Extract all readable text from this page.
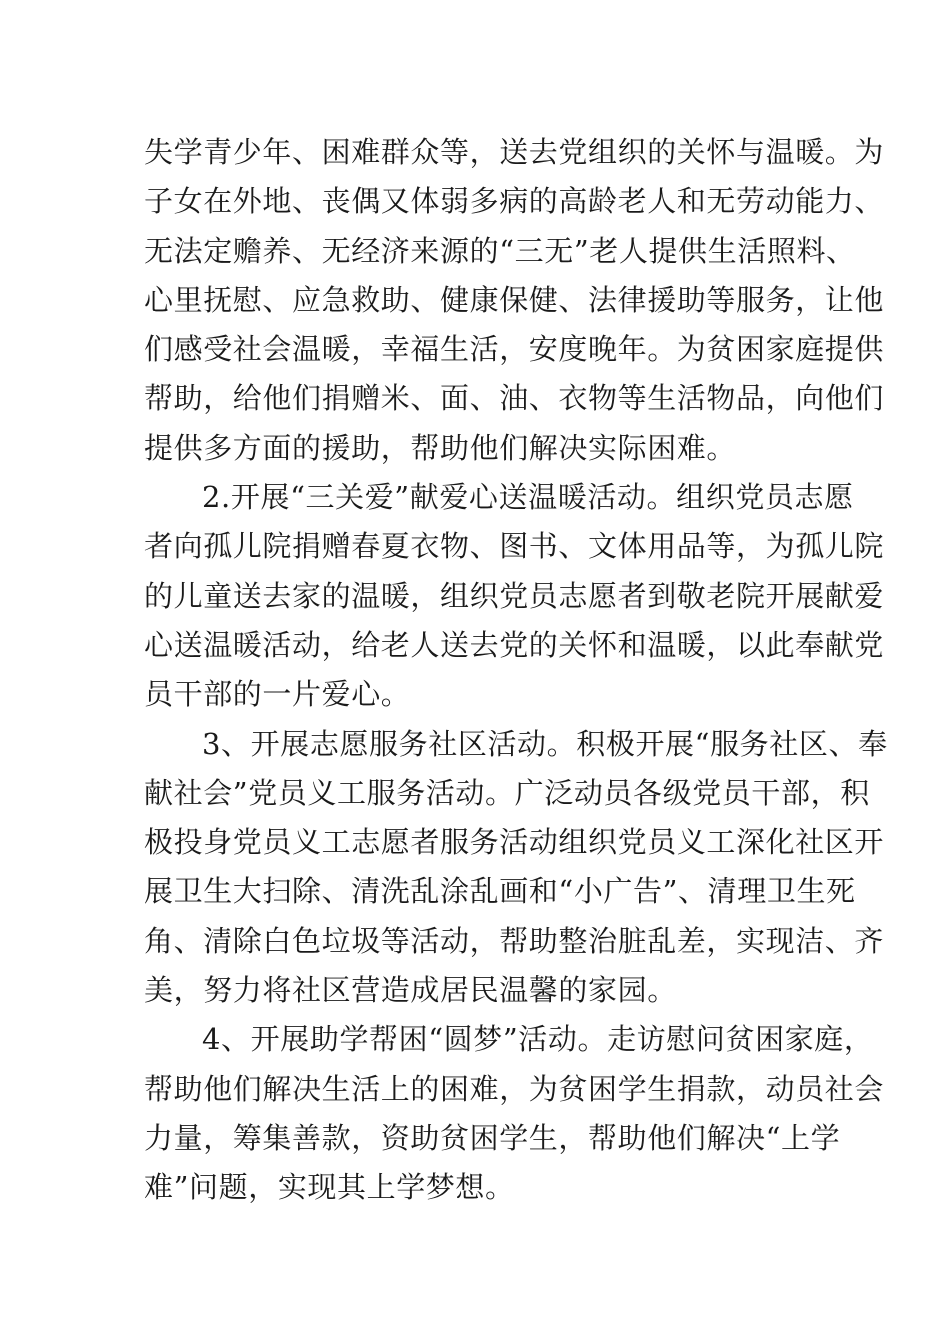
失学青少年、困难群众等，送去党组织的关怀与温暖。为
子女在外地、丧偶又体弱多病的高龄老人和无劳动能力、
无法定赡养、无经济来源的“三无”老人提供生活照料、
心里抚慰、应急救助、健康保健、法律援助等服务，让他
们感受社会温暖，幸福生活，安度晚年。为贫困家庭提供
帮助，给他们捐赠米、面、油、衣物等生活物品，向他们
提供多方面的援助，帮助他们解决实际困难。
2.开展“三关爱”献爱心送温暖活动。组织党员志愿
者向孤儿院捐赠春夏衣物、图书、文体用品等，为孤儿院
的儿童送去家的温暖，组织党员志愿者到敬老院开展献爱
心送温暖活动，给老人送去党的关怀和温暖，以此奉献党
员干部的一片爱心。
3、开展志愿服务社区活动。积极开展“服务社区、奉
献社会”党员义工服务活动。广泛动员各级党员干部，积
极投身党员义工志愿者服务活动组织党员义工深化社区开
展卫生大扫除、清洗乱涂乱画和“小广告”、清理卫生死
角、清除白色垃圾等活动，帮助整治脏乱差，实现洁、齐
美，努力将社区营造成居民温馨的家园。
4、开展助学帮困“圆梦”活动。走访慰问贫困家庭，
帮助他们解决生活上的困难，为贫困学生捐款，动员社会
力量，筹集善款，资助贫困学生，帮助他们解决“上学
难”问题，实现其上学梦想。
